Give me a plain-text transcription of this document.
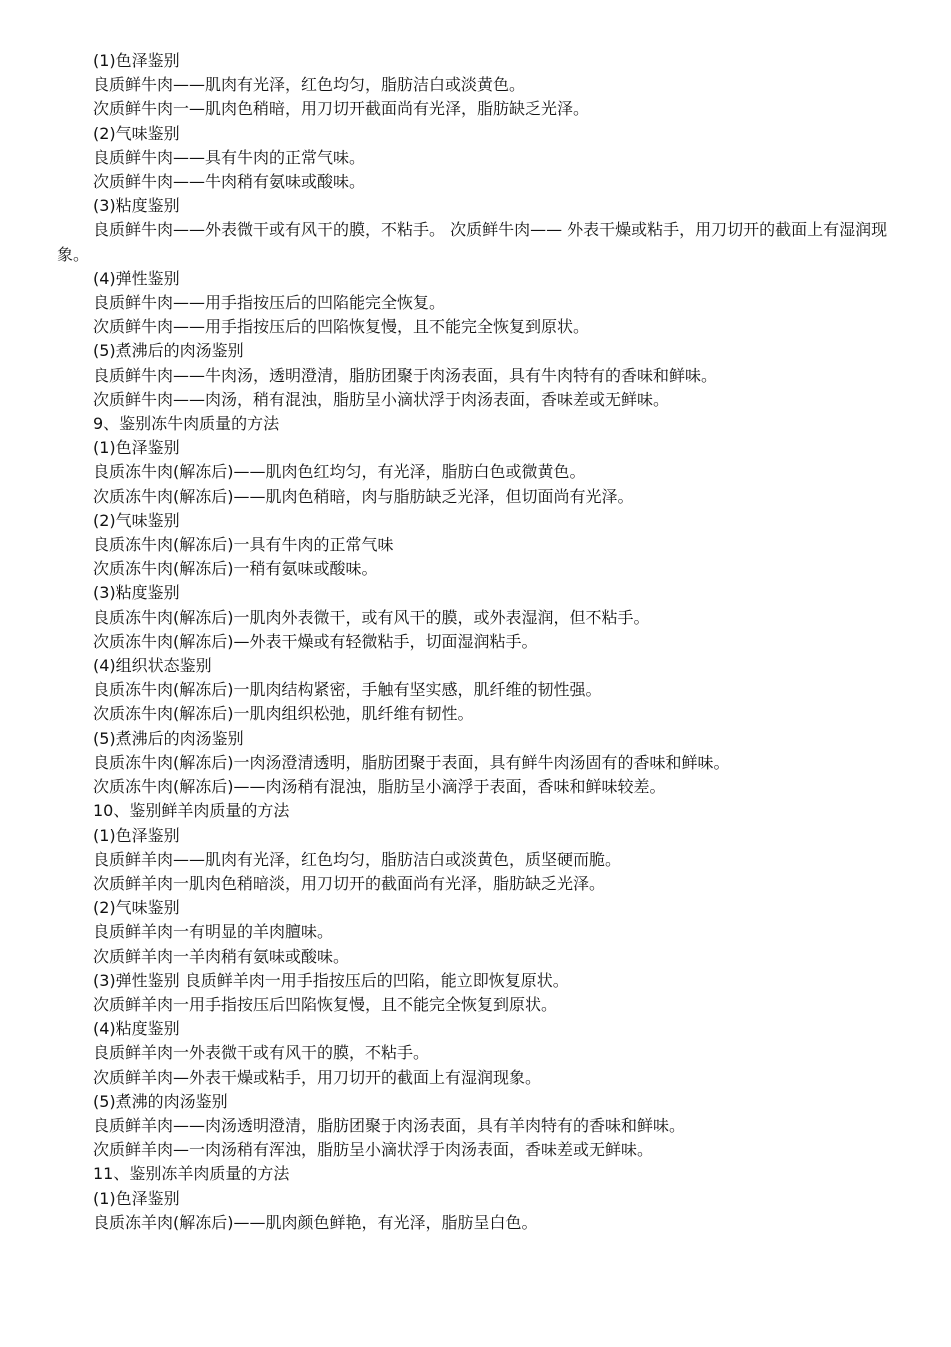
(1)色泽鉴别
良质鲜牛肉——肌肉有光泽，红色均匀，脂肪洁白或淡黄色。
次质鲜牛肉一—肌肉色稍暗，用刀切开截面尚有光泽，脂肪缺乏光泽。
(2)气味鉴别
良质鲜牛肉——具有牛肉的正常气味。
次质鲜牛肉——牛肉稍有氨味或酸味。
(3)粘度鉴别
良质鲜牛肉——外表微干或有风干的膜，不粘手。 次质鲜牛肉—— 外表干燥或粘手，用刀切开的截面上有湿润现象。
(4)弹性鉴别
良质鲜牛肉——用手指按压后的凹陷能完全恢复。
次质鲜牛肉——用手指按压后的凹陷恢复慢，且不能完全恢复到原状。
(5)煮沸后的肉汤鉴别
良质鲜牛肉——牛肉汤，透明澄清，脂肪团聚于肉汤表面，具有牛肉特有的香味和鲜味。
次质鲜牛肉——肉汤，稍有混浊，脂肪呈小滴状浮于肉汤表面，香味差或无鲜味。
9、鉴别冻牛肉质量的方法
(1)色泽鉴别
良质冻牛肉(解冻后)——肌肉色红均匀，有光泽，脂肪白色或微黄色。
次质冻牛肉(解冻后)——肌肉色稍暗，肉与脂肪缺乏光泽，但切面尚有光泽。
(2)气味鉴别
良质冻牛肉(解冻后)一具有牛肉的正常气味
次质冻牛肉(解冻后)一稍有氨味或酸味。
(3)粘度鉴别
良质冻牛肉(解冻后)一肌肉外表微干，或有风干的膜，或外表湿润，但不粘手。
次质冻牛肉(解冻后)—外表干燥或有轻微粘手，切面湿润粘手。
(4)组织状态鉴别
良质冻牛肉(解冻后)一肌肉结构紧密，手触有坚实感，肌纤维的韧性强。
次质冻牛肉(解冻后)一肌肉组织松弛，肌纤维有韧性。
(5)煮沸后的肉汤鉴别
良质冻牛肉(解冻后)一肉汤澄清透明，脂肪团聚于表面，具有鲜牛肉汤固有的香味和鲜味。
次质冻牛肉(解冻后)——肉汤稍有混浊，脂肪呈小滴浮于表面，香味和鲜味较差。
10、鉴别鲜羊肉质量的方法
(1)色泽鉴别
良质鲜羊肉——肌肉有光泽，红色均匀，脂肪洁白或淡黄色，质坚硬而脆。
次质鲜羊肉一肌肉色稍暗淡，用刀切开的截面尚有光泽，脂肪缺乏光泽。
(2)气味鉴别
良质鲜羊肉一有明显的羊肉膻味。
次质鲜羊肉一羊肉稍有氨味或酸味。
(3)弹性鉴别 良质鲜羊肉一用手指按压后的凹陷，能立即恢复原状。
次质鲜羊肉一用手指按压后凹陷恢复慢，且不能完全恢复到原状。
(4)粘度鉴别
良质鲜羊肉一外表微干或有风干的膜，不粘手。
次质鲜羊肉—外表干燥或粘手，用刀切开的截面上有湿润现象。
(5)煮沸的肉汤鉴别
良质鲜羊肉——肉汤透明澄清，脂肪团聚于肉汤表面，具有羊肉特有的香味和鲜味。
次质鲜羊肉—一肉汤稍有浑浊，脂肪呈小滴状浮于肉汤表面，香味差或无鲜味。
11、鉴别冻羊肉质量的方法
(1)色泽鉴别
良质冻羊肉(解冻后)——肌肉颜色鲜艳，有光泽，脂肪呈白色。
